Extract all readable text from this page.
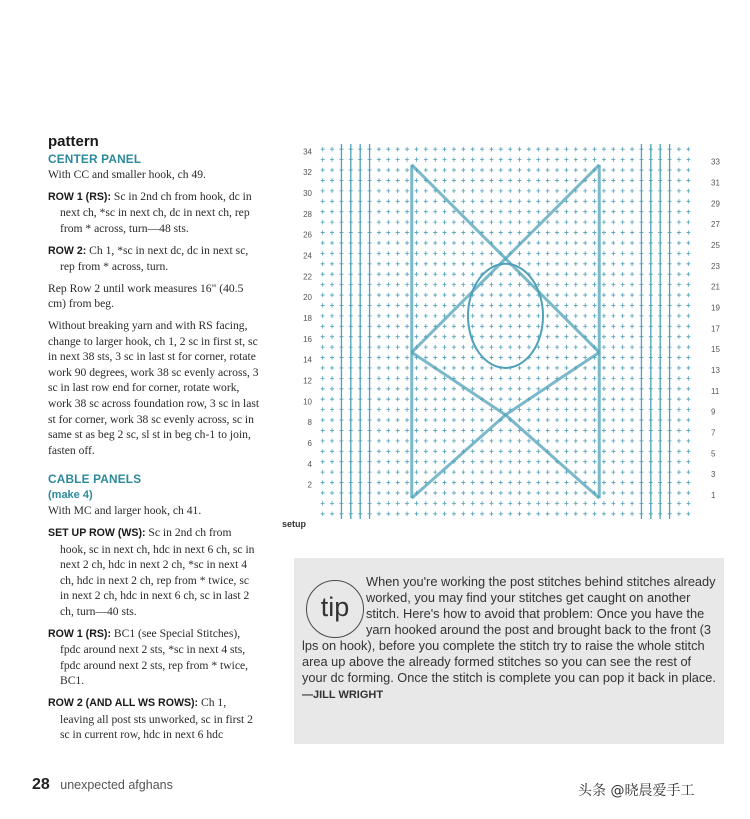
pattern
CENTER PANEL

With CC and smaller hook, ch 49.

ROW 1 (RS): Sc in 2nd ch from hook, dc in next ch, *sc in next ch, dc in next ch, rep from * across, turn—48 sts.

ROW 2: Ch 1, *sc in next dc, dc in next sc, rep from * across, turn.

Rep Row 2 until work measures 16" (40.5 cm) from beg.

Without breaking yarn and with RS facing, change to larger hook, ch 1, 2 sc in first st, sc in next 38 sts, 3 sc in last st for corner, rotate work 90 degrees, work 38 sc evenly across, 3 sc in last row end for corner, rotate work, work 38 sc across foundation row, 3 sc in last st for corner, work 38 sc evenly across, sc in same st as beg 2 sc, sl st in beg ch-1 to join, fasten off.

CABLE PANELS
(make 4)

With MC and larger hook, ch 41.

SET UP ROW (WS): Sc in 2nd ch from hook, sc in next ch, hdc in next 6 ch, sc in next 2 ch, hdc in next 2 ch, *sc in next 4 ch, hdc in next 2 ch, rep from * twice, sc in next 2 ch, hdc in next 6 ch, sc in last 2 ch, turn—40 sts.

ROW 1 (RS): BC1 (see Special Stitches), fpdc around next 2 sts, *sc in next 4 sts, fpdc around next 2 sts, rep from * twice, BC1.

ROW 2 (AND ALL WS ROWS): Ch 1, leaving all post sts unworked, sc in first 2 sc in current row, hdc in next 6 hdc

34
32
30
28
26
24
22
20
18
16
14
12
10
8
6
4
2
33
31
29
27
25
23
21
19
17
15
13
11
9
7
5
3
1
setup
tip
When you're working the post stitches behind stitches already worked, you may find your stitches get caught on another stitch. Here's how to avoid that problem: Once you have the yarn hooked around the post and brought back to the front (3 lps on hook), before you complete the stitch try to raise the whole stitch area up above the already formed stitches so you can see the rest of your dc forming. Once the stitch is complete you can pop it back in place. —JILL WRIGHT
28 unexpected afghans	头条 @晓晨爱手工
